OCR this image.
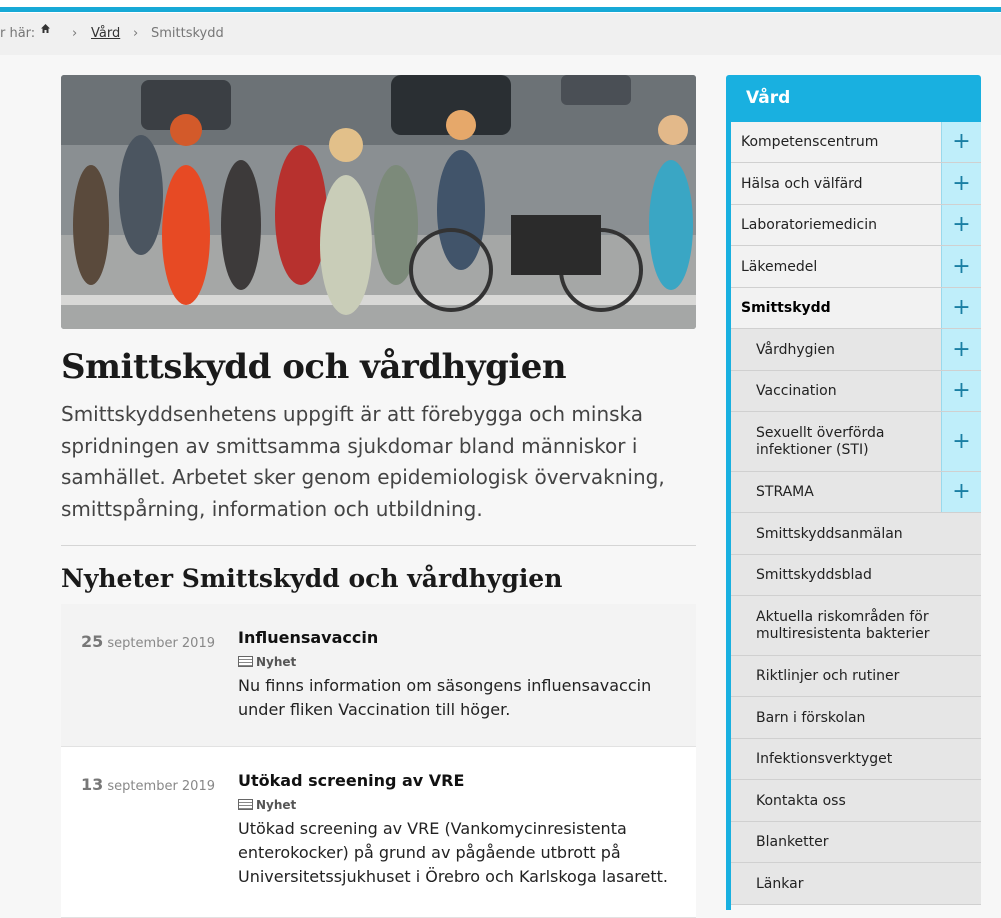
r här:	› Vård › Smittskydd
Smittskydd och vårdhygien

Smittskyddsenhetens uppgift är att förebygga och minska spridningen av smittsamma sjukdomar bland människor i samhället. Arbetet sker genom epidemiologisk övervakning, smittspårning, information och utbildning.

Nyheter Smittskydd och vårdhygien
25 september 2019 Influensavaccin
Nyhet

Nu finns information om säsongens influensavaccin under fliken Vaccination till höger.

13 september 2019 Utökad screening av VRE
Nyhet

Utökad screening av VRE (Vankomycinresistenta enterokocker) på grund av pågående utbrott på Universitetssjukhuset i Örebro och Karlskoga lasarett.

Vård
Kompetenscentrum	+
Hälsa och välfärd	+
Laboratoriemedicin	+
Läkemedel	+
Smittskydd	+
Vårdhygien	+
Vaccination	+
Sexuellt överförda infektioner (STI)	+
STRAMA	+
Smittskyddsanmälan
Smittskyddsblad
Aktuella riskområden för multiresistenta bakterier
Riktlinjer och rutiner
Barn i förskolan
Infektionsverktyget
Kontakta oss
Blanketter
Länkar
